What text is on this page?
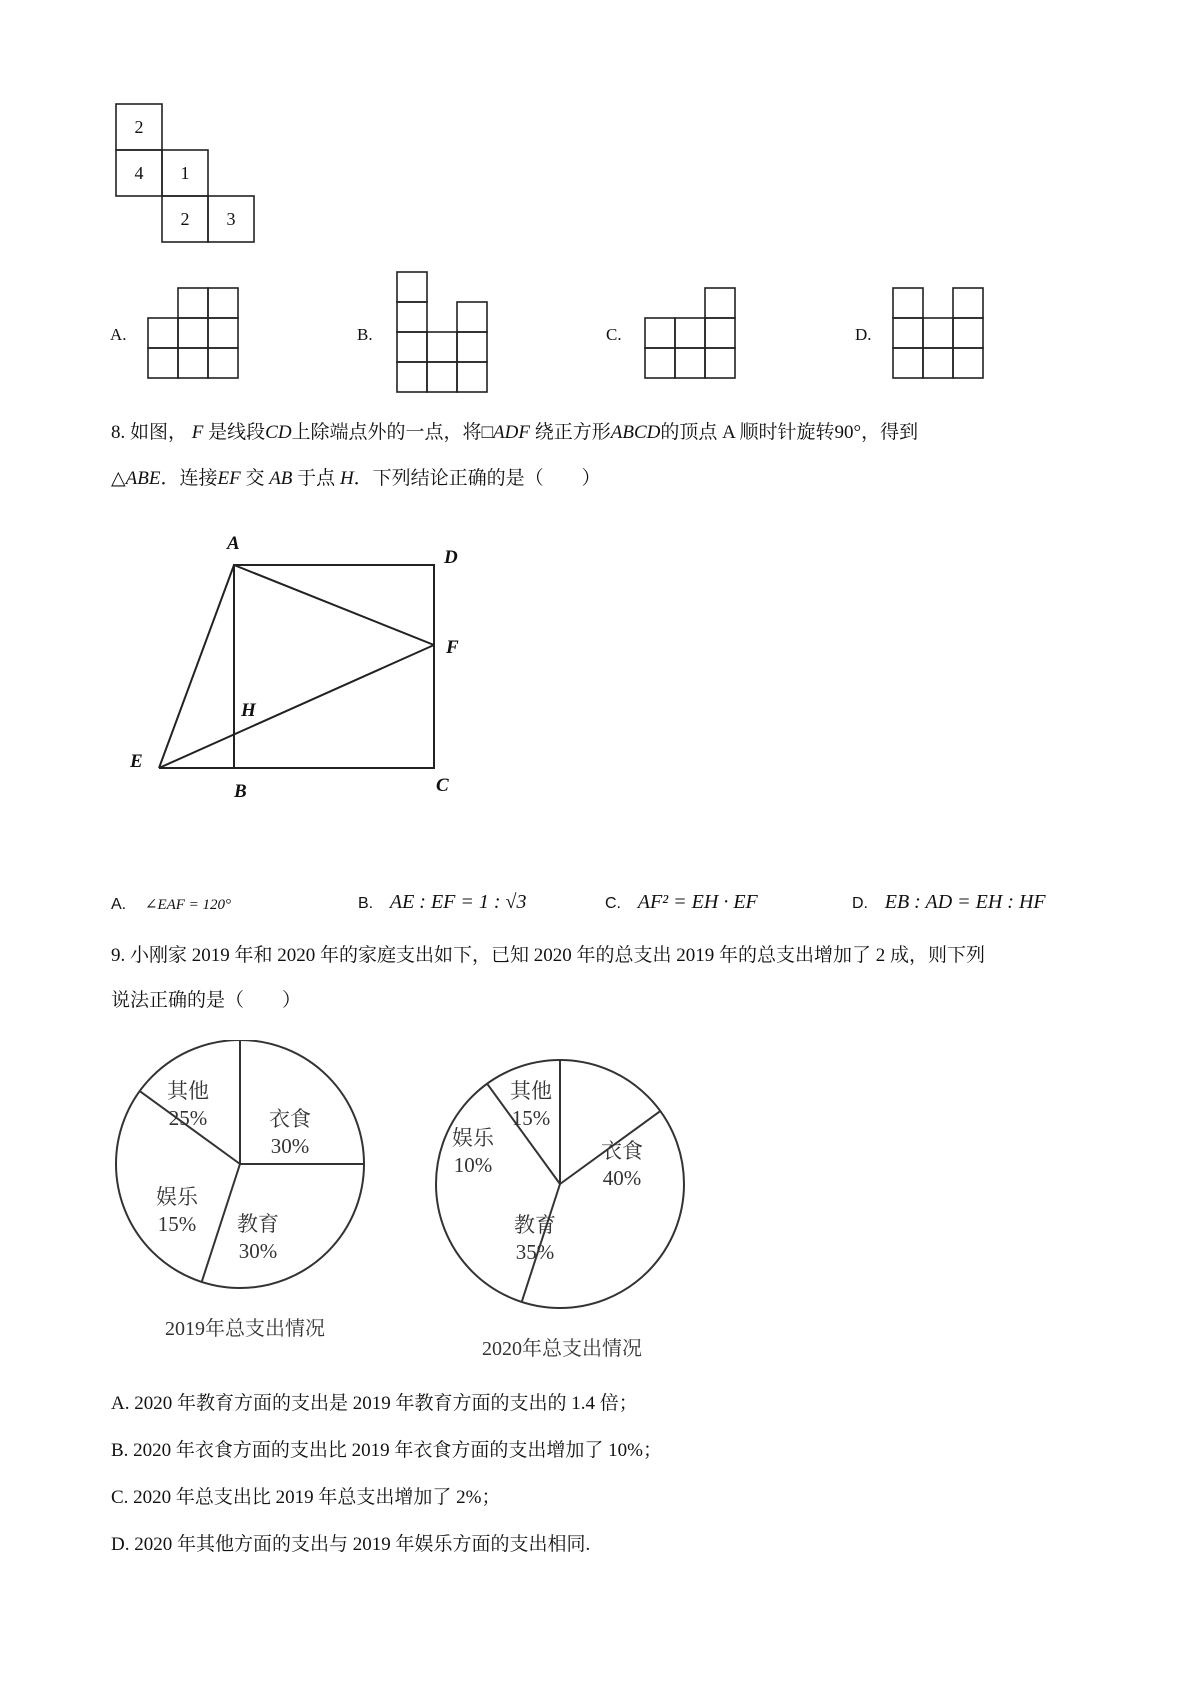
2
4 1
2 3
A.	B.	C.	D.
8. 如图， F 是线段CD上除端点外的一点，将□ADF 绕正方形ABCD的顶点 A 顺时针旋转90°，得到
△ABE．连接EF 交 AB 于点 H．下列结论正确的是（　　）
A
D
F
H
E
B	C
A. ∠EAF = 120°	B. AE : EF = 1 : √3	C. AF² = EH · EF	D. EB : AD = EH : HF
9. 小刚家 2019 年和 2020 年的家庭支出如下，已知 2020 年的总支出 2019 年的总支出增加了 2 成，则下列
说法正确的是（　　）
2019年总支出情况
2020年总支出情况
其他
25%	衣食
30%
教育
30%
娱乐
15%
其他
15%
衣食
40%
教育
35%
娱乐
10%
A. 2020 年教育方面的支出是 2019 年教育方面的支出的 1.4 倍；
B. 2020 年衣食方面的支出比 2019 年衣食方面的支出增加了 10%；
C. 2020 年总支出比 2019 年总支出增加了 2%；
D. 2020 年其他方面的支出与 2019 年娱乐方面的支出相同.
